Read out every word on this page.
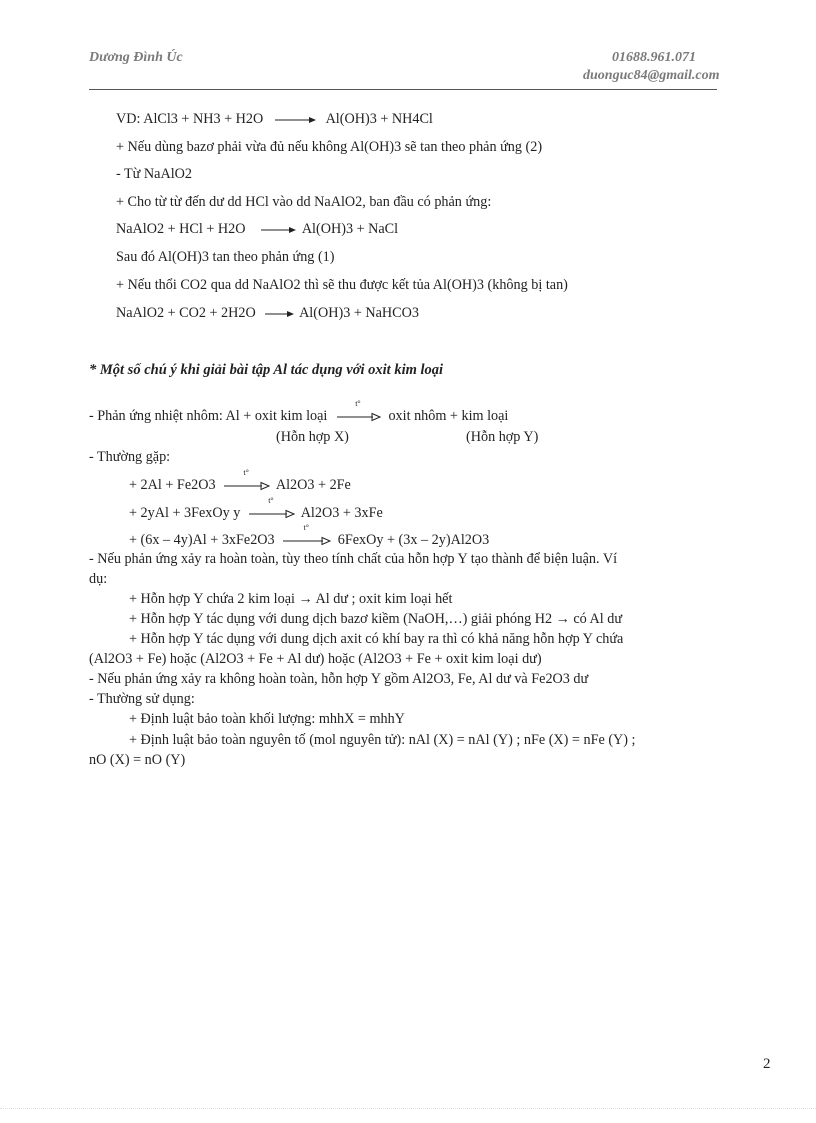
Dương Đình Úc	01688.961.071
duonguc84@gmail.com
VD: AlCl3 + NH3 + H2O	Al(OH)3 + NH4Cl
+ Nếu dùng bazơ phải vừa đủ nếu không Al(OH)3 sẽ tan theo phản ứng (2)
- Từ NaAlO2
+ Cho từ từ đến dư dd HCl vào dd NaAlO2, ban đầu có phản ứng:
NaAlO2 + HCl + H2O	Al(OH)3 + NaCl
Sau đó Al(OH)3 tan theo phản ứng (1)
+ Nếu thổi CO2 qua dd NaAlO2 thì sẽ thu được kết tủa Al(OH)3 (không bị tan)
NaAlO2 + CO2 + 2H2O	Al(OH)3 + NaHCO3
* Một số chú ý khi giải bài tập Al tác dụng với oxit kim loại
- Phản ứng nhiệt nhôm: Al + oxit kim loại
t°
oxit nhôm + kim loại
(Hỗn hợp X)	(Hỗn hợp Y)
- Thường gặp:
+ 2Al + Fe2O3
t°
Al2O3 + 2Fe
+ 2yAl + 3FexOy y
t°
Al2O3 + 3xFe
+ (6x – 4y)Al + 3xFe2O3
t°
6FexOy + (3x – 2y)Al2O3
- Nếu phản ứng xảy ra hoàn toàn, tùy theo tính chất của hỗn hợp Y tạo thành để biện luận. Ví
dụ:
+ Hỗn hợp Y chứa 2 kim loại → Al dư ; oxit kim loại hết
+ Hỗn hợp Y tác dụng với dung dịch bazơ kiềm (NaOH,…) giải phóng H2 → có Al dư
+ Hỗn hợp Y tác dụng với dung dịch axit có khí bay ra thì có khả năng hỗn hợp Y chứa
(Al2O3 + Fe) hoặc (Al2O3 + Fe + Al dư) hoặc (Al2O3 + Fe + oxit kim loại dư)
- Nếu phản ứng xảy ra không hoàn toàn, hỗn hợp Y gồm Al2O3, Fe, Al dư và Fe2O3 dư
- Thường sử dụng:
+ Định luật bảo toàn khối lượng: mhhX = mhhY
+ Định luật bảo toàn nguyên tố (mol nguyên tử): nAl (X) = nAl (Y) ; nFe (X) = nFe (Y) ;
nO (X) = nO (Y)
2
